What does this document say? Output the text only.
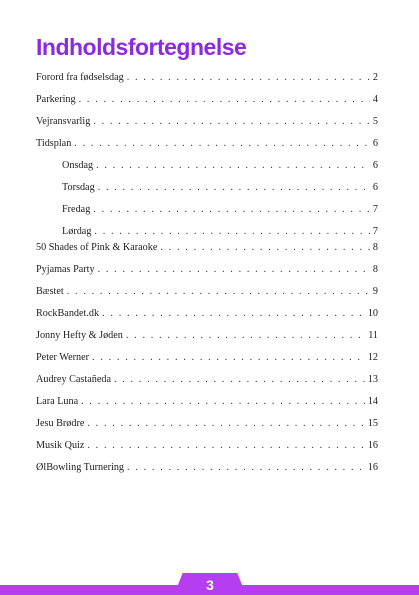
Indholdsfortegnelse
Forord fra fødselsdag . . .	2
Parkering . . .	4
Vejransvarlig . . .	5
Tidsplan . . .	6
Onsdag . . .	6
Torsdag . . .	6
Fredag . . .	7
Lørdag . . .	7
50 Shades of Pink & Karaoke . . .	8
Pyjamas Party . . .	8
Bæstet . . .	9
RockBandet.dk . . .	10
Jonny Hefty & Jøden . . .	11
Peter Werner . . .	12
Audrey Castañeda . . .	13
Lara Luna . . .	14
Jesu Brødre . . .	15
Musik Quiz . . .	16
ØlBowling Turnering . . .	16
3
